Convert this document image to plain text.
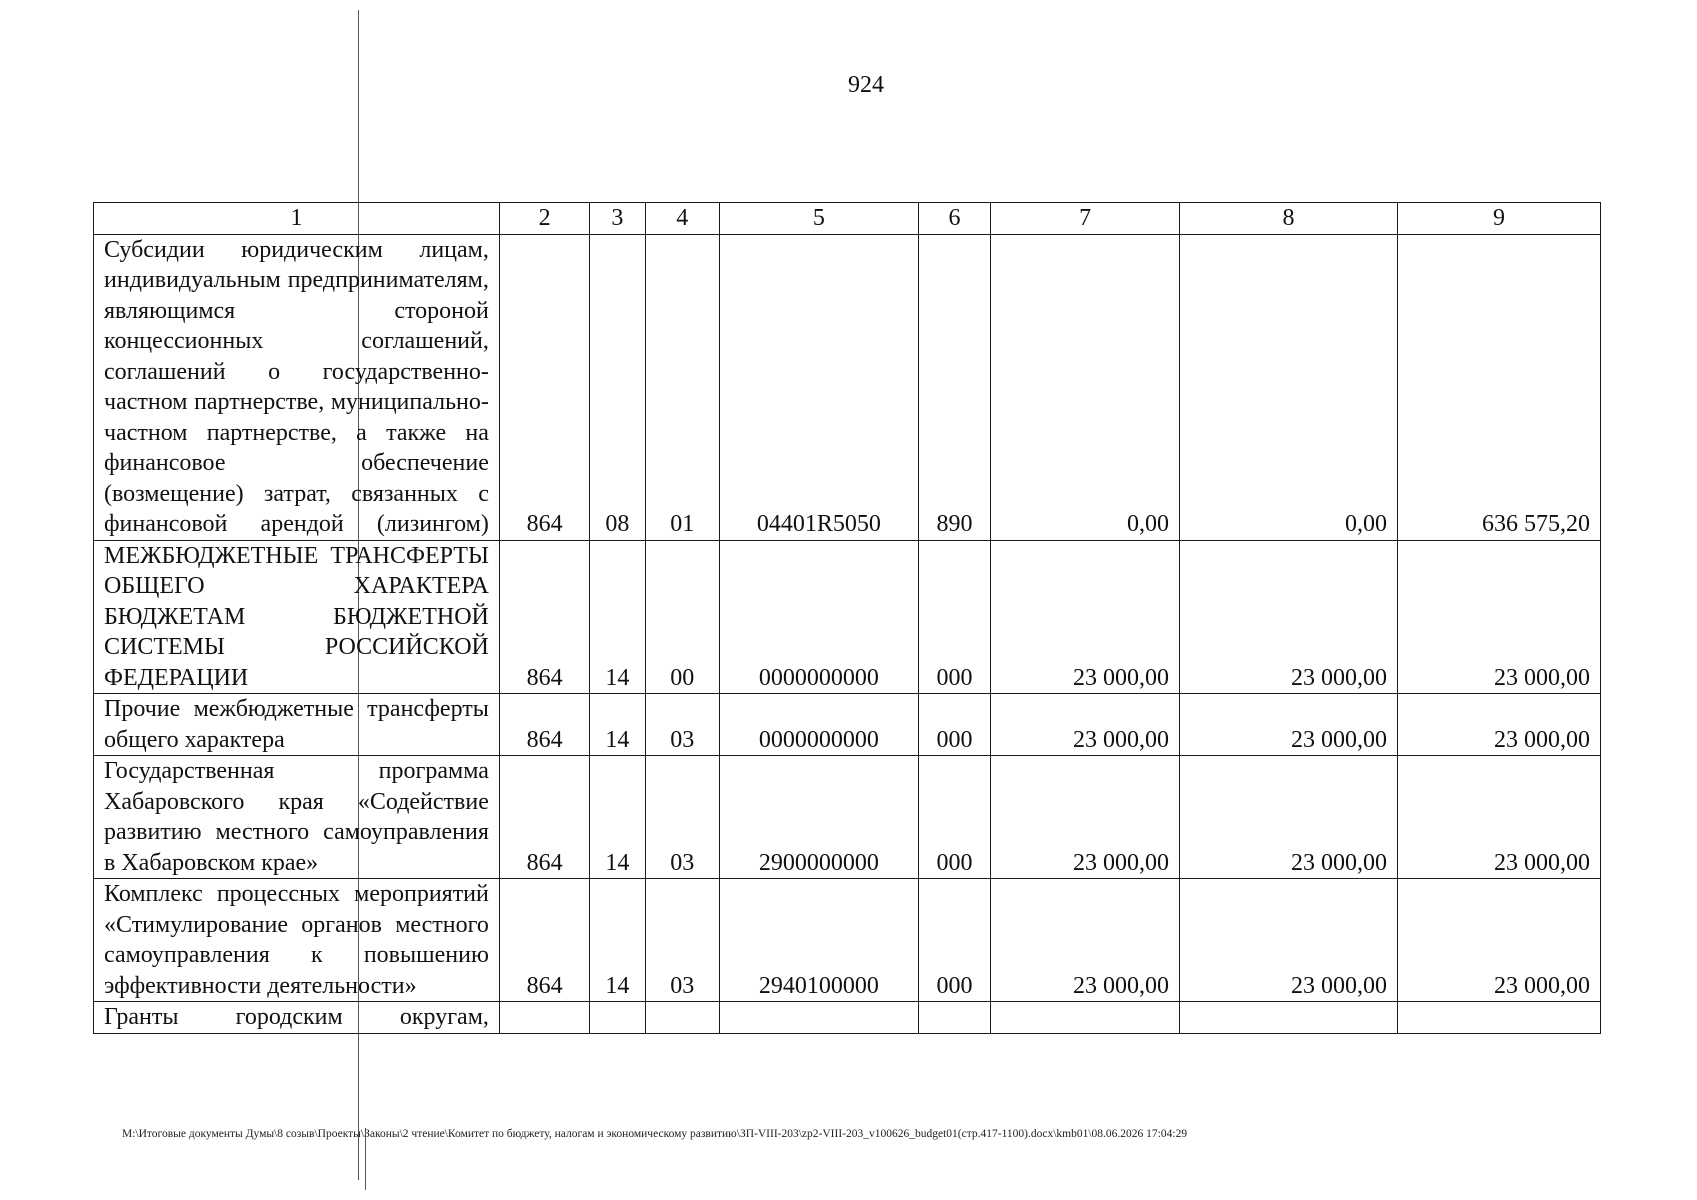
924
1	2	3	4	5	6	7	8	9
Субсидии юридическим лицам, индивидуальным предпринимателям, являющимся стороной концессионных соглашений, соглашений о государственно-частном партнерстве, муниципально-частном партнерстве, а также на финансовое обеспечение (возмещение) затрат, связанных с финансовой арендой (лизингом)	864	08	01	04401R5050	890	0,00	0,00	636 575,20
МЕЖБЮДЖЕТНЫЕ ТРАНСФЕРТЫ ОБЩЕГО ХАРАКТЕРА БЮДЖЕТАМ БЮДЖЕТНОЙ СИСТЕМЫ РОССИЙСКОЙ ФЕДЕРАЦИИ	864	14	00	0000000000	000	23 000,00	23 000,00	23 000,00
Прочие межбюджетные трансферты общего характера	864	14	03	0000000000	000	23 000,00	23 000,00	23 000,00
Государственная программа Хабаровского края «Содействие развитию местного самоуправления в Хабаровском крае»	864	14	03	2900000000	000	23 000,00	23 000,00	23 000,00
Комплекс процессных мероприятий «Стимулирование органов местного самоуправления к повышению эффективности деятельности»	864	14	03	2940100000	000	23 000,00	23 000,00	23 000,00
Гранты городским округам,								
M:\Итоговые документы Думы\8 созыв\Проекты\Законы\2 чтение\Комитет по бюджету, налогам и экономическому развитию\ЗП-VIII-203\zp2-VIII-203_v100626_budget01(стр.417-1100).docx\kmb01\08.06.2026 17:04:29
